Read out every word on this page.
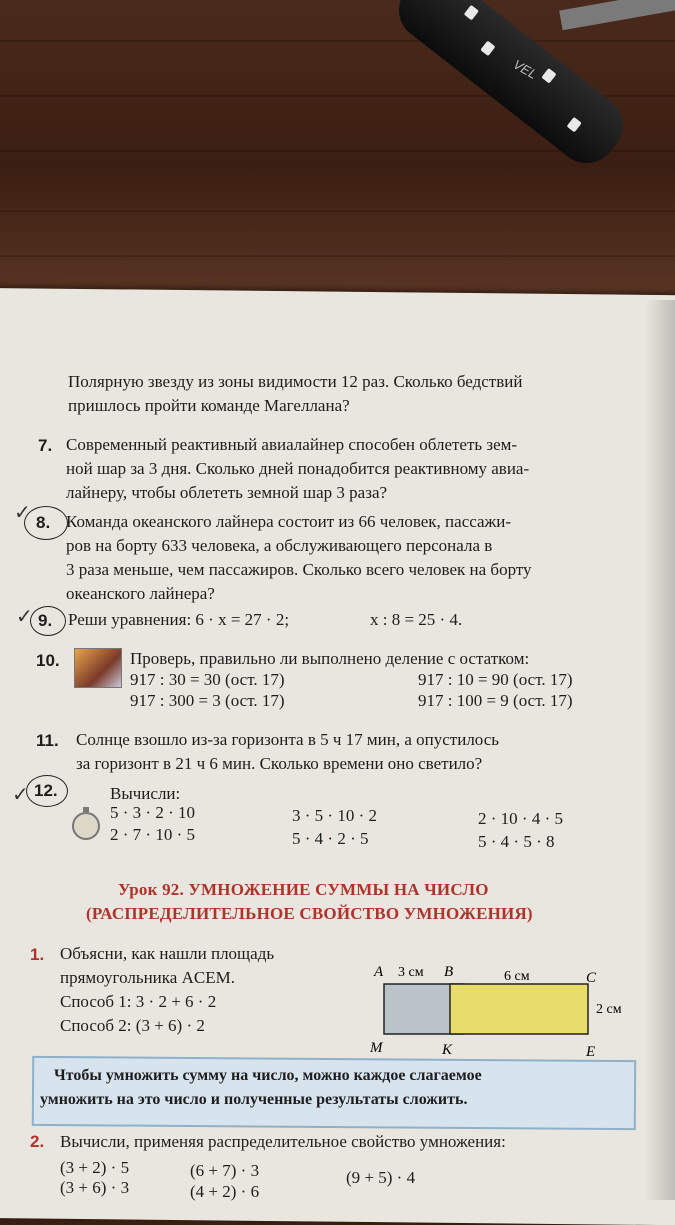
VEL
Полярную звезду из зоны видимости 12 раз. Сколько бедствий
пришлось пройти команде Магеллана?
7. Современный реактивный авиалайнер способен облететь зем-
ной шар за 3 дня. Сколько дней понадобится реактивному авиа-
лайнеру, чтобы облететь земной шар 3 раза?
✓ 8. Команда океанского лайнера состоит из 66 человек, пассажи-
ров на борту 633 человека, а обслуживающего персонала в
3 раза меньше, чем пассажиров. Сколько всего человек на борту
океанского лайнера?
✓ 9. Реши уравнения: 6 · x = 27 · 2;	x : 8 = 25 · 4.
10.	Проверь, правильно ли выполнено деление с остатком:
917 : 30 = 30 (ост. 17)	917 : 10 = 90 (ост. 17)
917 : 300 = 3 (ост. 17)	917 : 100 = 9 (ост. 17)
11. Солнце взошло из-за горизонта в 5 ч 17 мин, а опустилось
за горизонт в 21 ч 6 мин. Сколько времени оно светило?
✓ 12.	Вычисли:
5 · 3 · 2 · 10
2 · 7 · 10 · 5
3 · 5 · 10 · 2
5 · 4 · 2 · 5
2 · 10 · 4 · 5
5 · 4 · 5 · 8
Урок 92. УМНОЖЕНИЕ СУММЫ НА ЧИСЛО
(РАСПРЕДЕЛИТЕЛЬНОЕ СВОЙСТВО УМНОЖЕНИЯ)
1. Объясни, как нашли площадь
прямоугольника ACEM.
Способ 1: 3 · 2 + 6 · 2
Способ 2: (3 + 6) · 2
A 3 см B	6 см	C
2 см
M	K	E
Чтобы умножить сумму на число, можно каждое слагаемое
умножить на это число и полученные результаты сложить.
2. Вычисли, применяя распределительное свойство умножения:
(3 + 2) · 5	(6 + 7) · 3	(9 + 5) · 4
(3 + 6) · 3	(4 + 2) · 6
